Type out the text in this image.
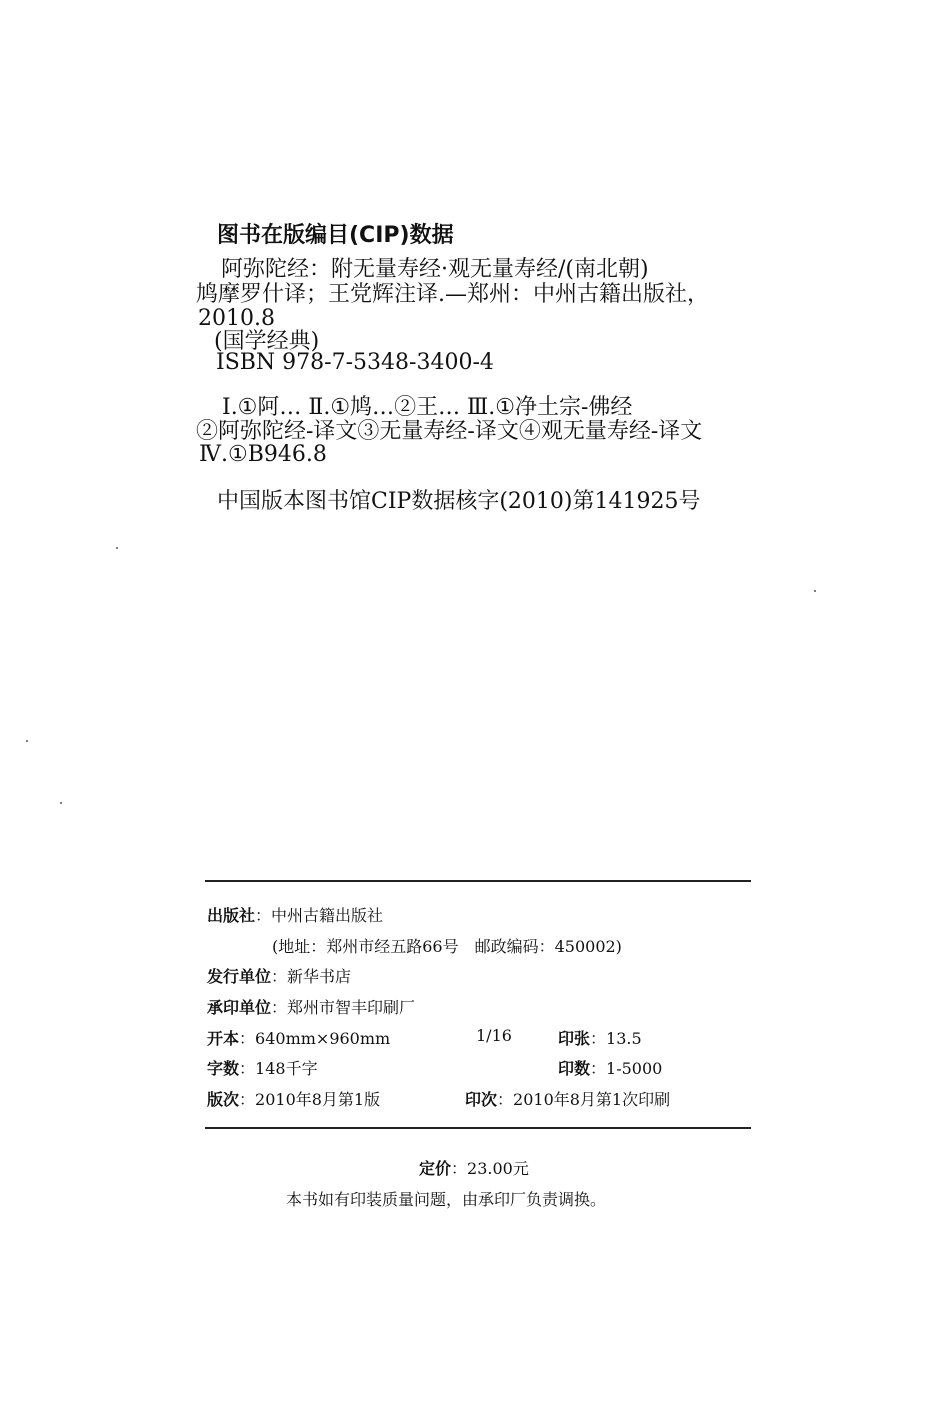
图书在版编目(CIP)数据
阿弥陀经：附无量寿经·观无量寿经/(南北朝)
鸠摩罗什译；王党辉注译.—郑州：中州古籍出版社，
2010.8
(国学经典)
ISBN 978-7-5348-3400-4
Ⅰ.①阿… Ⅱ.①鸠…②王… Ⅲ.①净土宗-佛经
②阿弥陀经-译文③无量寿经-译文④观无量寿经-译文
Ⅳ.①B946.8
中国版本图书馆CIP数据核字(2010)第141925号
出版社：中州古籍出版社
(地址：郑州市经五路66号　邮政编码：450002)
发行单位：新华书店
承印单位：郑州市智丰印刷厂
开本：640mm×960mm	1/16	印张：13.5
字数：148千字	印数：1-5000
版次：2010年8月第1版	印次：2010年8月第1次印刷
定价：23.00元
本书如有印装质量问题，由承印厂负责调换。
